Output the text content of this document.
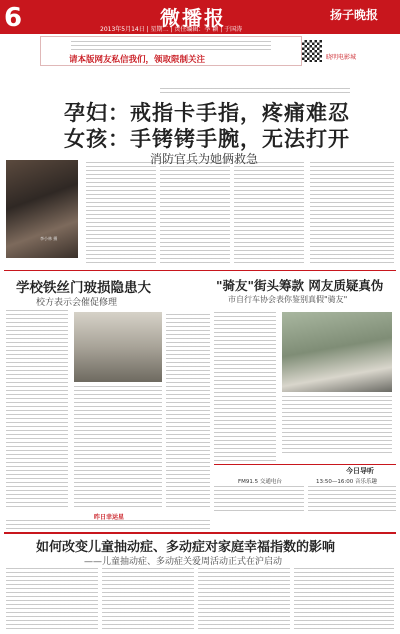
6	微播报	扬子晚报
2013年5月14日 | 星期二 | 责任编辑：李 颖 | 于国涛
请本版网友私信我们，领取限制关注	晓明电影城
孕妇：戒指卡手指，疼痛难忍
女孩：手铐铐手腕，无法打开
消防官兵为她俩救急
李小林 摄
学校铁丝门玻损隐患大
校方表示会催促修理
"骑友"街头筹款 网友质疑真伪
市自行车协会表你鉴别真假"骑友"
今日导听
FM91.5 交通电台	13:50—16:00 音乐乐趣
昨日幸运星
如何改变儿童抽动症、多动症对家庭幸福指数的影响
——儿童抽动症、多动症关爱周活动正式在沪启动
